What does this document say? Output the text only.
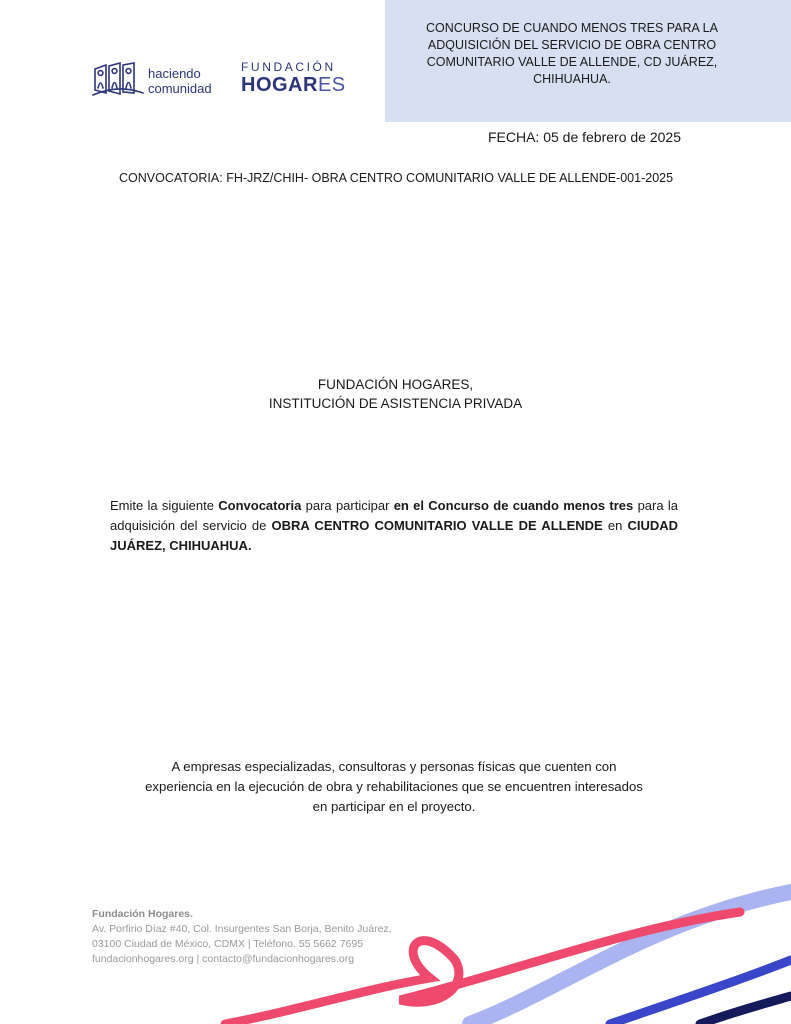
CONCURSO DE CUANDO MENOS TRES PARA LA
ADQUISICIÓN DEL SERVICIO DE OBRA CENTRO
COMUNITARIO VALLE DE ALLENDE, CD JUÁREZ,
CHIHUAHUA.
haciendo
comunidad
FUNDACIÓN
HOGARES
FECHA: 05 de febrero de 2025
CONVOCATORIA: FH-JRZ/CHIH- OBRA CENTRO COMUNITARIO VALLE DE ALLENDE-001-2025
FUNDACIÓN HOGARES,
INSTITUCIÓN DE ASISTENCIA PRIVADA
Emite la siguiente Convocatoria para participar en el Concurso de cuando menos tres para la adquisición del servicio de OBRA CENTRO COMUNITARIO VALLE DE ALLENDE en CIUDAD JUÁREZ, CHIHUAHUA.
A empresas especializadas, consultoras y personas físicas que cuenten con
experiencia en la ejecución de obra y rehabilitaciones que se encuentren interesados
en participar en el proyecto.
Fundación Hogares.
Av. Porfirio Díaz #40, Col. Insurgentes San Borja, Benito Juárez,
03100 Ciudad de México, CDMX | Teléfono. 55 5662 7695
fundacionhogares.org | contacto@fundacionhogares.org
